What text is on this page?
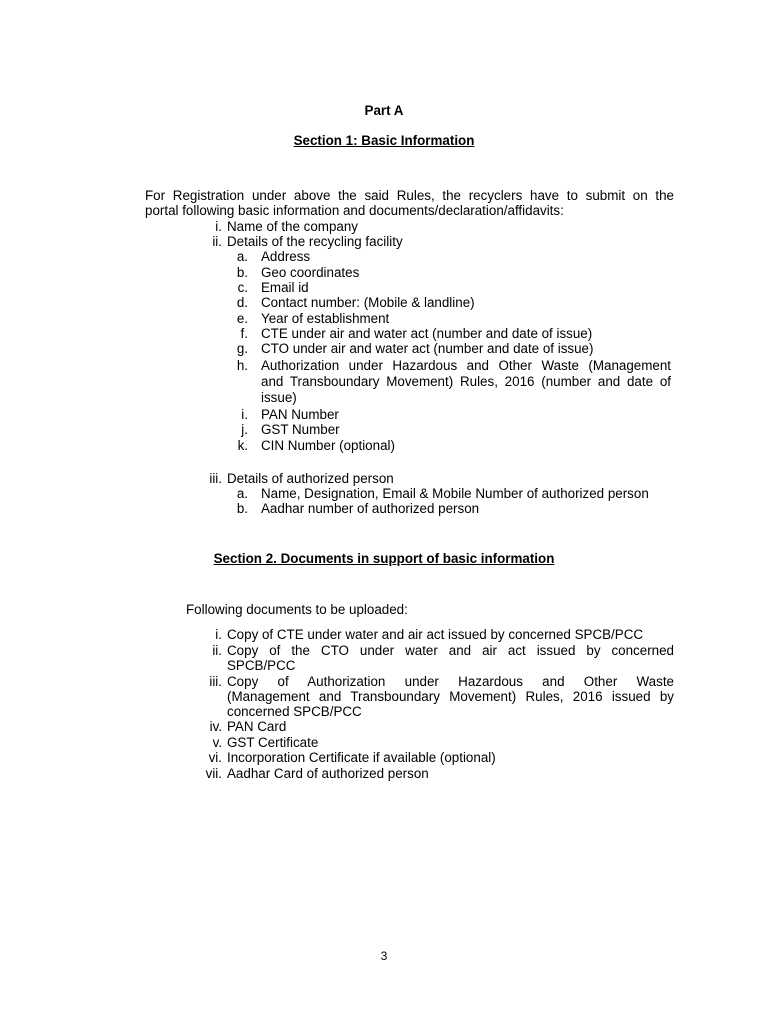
Part A
Section 1: Basic Information
For Registration under above the said Rules, the recyclers have to submit on the
portal following basic information and documents/declaration/affidavits:
i. Name of the company
ii. Details of the recycling facility
a. Address
b. Geo coordinates
c. Email id
d. Contact number: (Mobile & landline)
e. Year of establishment
f. CTE under air and water act (number and date of issue)
g. CTO under air and water act (number and date of issue)
h. Authorization under Hazardous and Other Waste (Management
and Transboundary Movement) Rules, 2016 (number and date of
issue)
i. PAN Number
j. GST Number
k. CIN Number (optional)
iii. Details of authorized person
a. Name, Designation, Email & Mobile Number of authorized person
b. Aadhar number of authorized person
Section 2. Documents in support of basic information
Following documents to be uploaded:
i. Copy of CTE under water and air act issued by concerned SPCB/PCC
ii. Copy of the CTO under water and air act issued by concerned
SPCB/PCC
iii. Copy of Authorization under Hazardous and Other Waste
(Management and Transboundary Movement) Rules, 2016 issued by
concerned SPCB/PCC
iv. PAN Card
v. GST Certificate
vi. Incorporation Certificate if available (optional)
vii. Aadhar Card of authorized person
3
